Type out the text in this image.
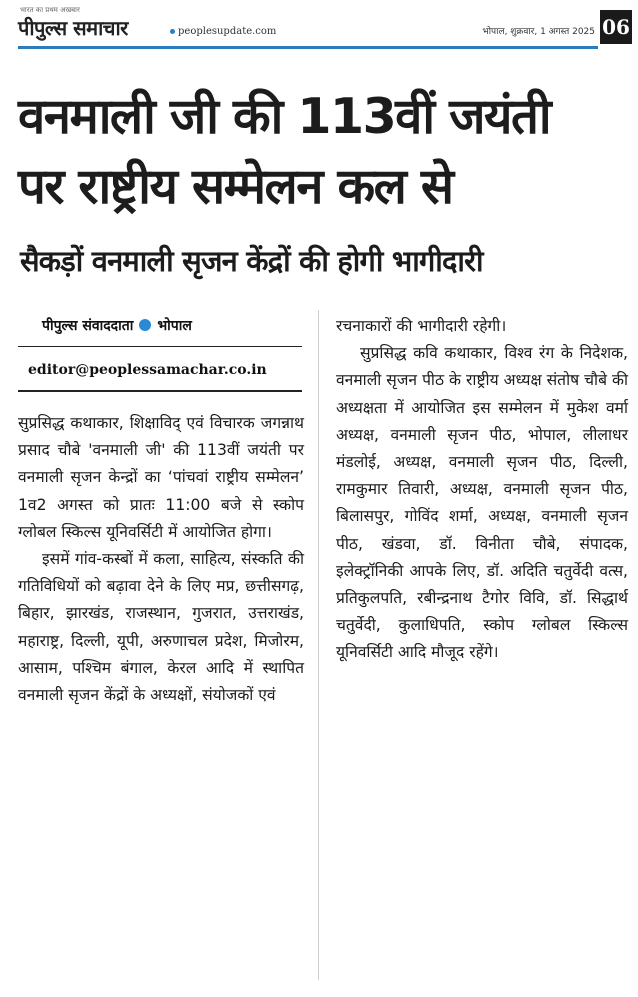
भारत का प्रथम अखबार
पीपुल्स समाचार	peoplesupdate.com	भोपाल, शुक्रवार, 1 अगस्त 2025 06
वनमाली जी की 113वीं जयंती
पर राष्ट्रीय सम्मेलन कल से
सैकड़ों वनमाली सृजन केंद्रों की होगी भागीदारी
पीपुल्स संवाददाता भोपाल
editor@peoplessamachar.co.in

सुप्रसिद्ध कथाकार, शिक्षाविद् एवं विचारक जगन्नाथ प्रसाद चौबे 'वनमाली जी' की 113वीं जयंती पर वनमाली सृजन केन्द्रों का ‘पांचवां राष्ट्रीय सम्मेलन’ 1व2 अगस्त को प्रातः 11:00 बजे से स्कोप ग्लोबल स्किल्स यूनिवर्सिटी में आयोजित होगा।

इसमें गांव-कस्बों में कला, साहित्य, संस्कति की गतिविधियों को बढ़ावा देने के लिए मप्र, छत्तीसगढ़, बिहार, झारखंड, राजस्थान, गुजरात, उत्तराखंड, महाराष्ट्र, दिल्ली, यूपी, अरुणाचल प्रदेश, मिजोरम, आसाम, पश्चिम बंगाल, केरल आदि में स्थापित वनमाली सृजन केंद्रों के अध्यक्षों, संयोजकों एवं

रचनाकारों की भागीदारी रहेगी।

सुप्रसिद्ध कवि कथाकार, विश्व रंग के निदेशक, वनमाली सृजन पीठ के राष्ट्रीय अध्यक्ष संतोष चौबे की अध्यक्षता में आयोजित इस सम्मेलन में मुकेश वर्मा अध्यक्ष, वनमाली सृजन पीठ, भोपाल, लीलाधर मंडलोई, अध्यक्ष, वनमाली सृजन पीठ, दिल्ली, रामकुमार तिवारी, अध्यक्ष, वनमाली सृजन पीठ, बिलासपुर, गोविंद शर्मा, अध्यक्ष, वनमाली सृजन पीठ, खंडवा, डॉ. विनीता चौबे, संपादक, इलेक्ट्रॉनिकी आपके लिए, डॉ. अदिति चतुर्वेदी वत्स, प्रतिकुलपति, रबीन्द्रनाथ टैगोर विवि, डॉ. सिद्धार्थ चतुर्वेदी, कुलाधिपति, स्कोप ग्लोबल स्किल्स यूनिवर्सिटी आदि मौजूद रहेंगे।
